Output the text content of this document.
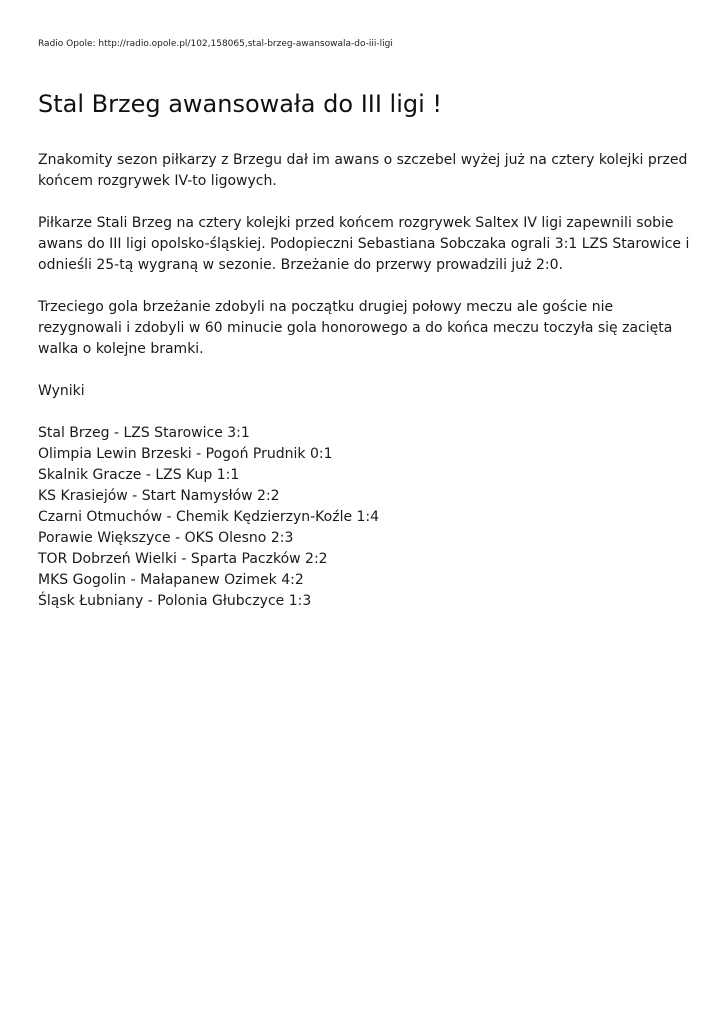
Radio Opole: http://radio.opole.pl/102,158065,stal-brzeg-awansowala-do-iii-ligi
Stal Brzeg awansowała do III ligi !

Znakomity sezon piłkarzy z Brzegu dał im awans o szczebel wyżej już na cztery kolejki przed końcem rozgrywek IV-to ligowych.

Piłkarze Stali Brzeg na cztery kolejki przed końcem rozgrywek Saltex IV ligi zapewnili sobie awans do III ligi opolsko-śląskiej. Podopieczni Sebastiana Sobczaka ograli 3:1 LZS Starowice i odnieśli 25-tą wygraną w sezonie. Brzeżanie do przerwy prowadzili już 2:0.

Trzeciego gola brzeżanie zdobyli na początku drugiej połowy meczu ale goście nie rezygnowali i zdobyli w 60 minucie gola honorowego a do końca meczu toczyła się zacięta walka o kolejne bramki.

Wyniki

Stal Brzeg - LZS Starowice 3:1
Olimpia Lewin Brzeski - Pogoń Prudnik 0:1
Skalnik Gracze - LZS Kup 1:1
KS Krasiejów - Start Namysłów 2:2
Czarni Otmuchów - Chemik Kędzierzyn-Koźle 1:4
Porawie Większyce - OKS Olesno 2:3
TOR Dobrzeń Wielki - Sparta Paczków 2:2
MKS Gogolin - Małapanew Ozimek 4:2
Śląsk Łubniany - Polonia Głubczyce 1:3
